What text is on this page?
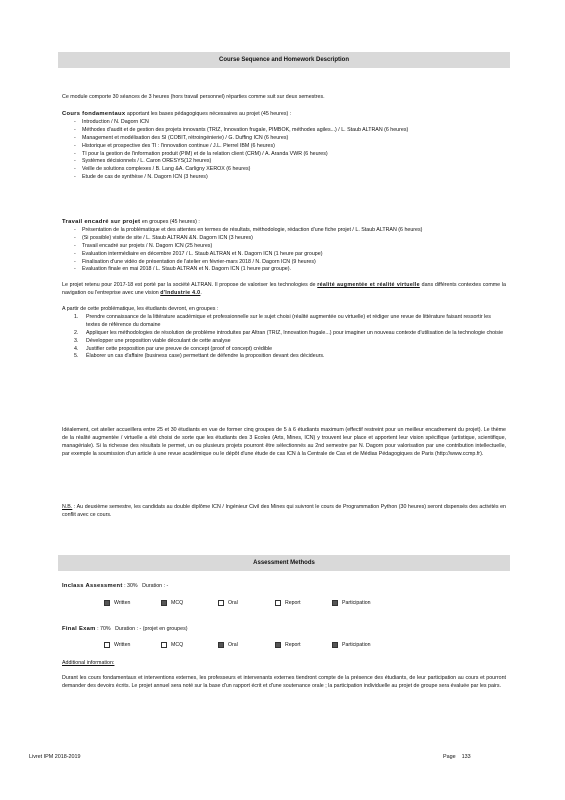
Course Sequence and Homework Description
Ce module comporte 30 séances de 3 heures (hors travail personnel) réparties comme suit sur deux semestres.
Cours fondamentaux apportant les bases pédagogiques nécessaires au projet (45 heures) :
- Introduction / N. Dagorn ICN
- Méthodes d'audit et de gestion des projets innovants (TRIZ, Innovation frugale, PIMBOK, méthodes agiles...) / L. Staub ALTRAN (6 heures)
- Management et modélisation des SI (COBIT, rétroingénierie) / G. Duffing ICN (6 heures)
- Historique et prospective des TI : l'innovation continue / J.L. Pierrel IBM (6 heures)
- TI pour la gestion de l'information produit (PIM) et de la relation client (CRM) / A. Aranda VWR (6 heures)
- Systèmes décisionnels / L. Caron ORESYS(12 heures)
- Veille de solutions complexes / B. Lang &A. Carligny XEROX (6 heures)
- Etude de cas de synthèse / N. Dagorn ICN (3 heures)
Travail encadré sur projet en groupes (45 heures) :
- Présentation de la problématique et des attentes en termes de résultats, méthodologie, rédaction d'une fiche projet / L. Staub ALTRAN (6 heures)
- (Si possible) visite de site / L. Staub ALTRAN &N. Dagorn ICN (3 heures)
- Travail encadré sur projets / N. Dagorn ICN (25 heures)
- Evaluation intermédiaire en décembre 2017 / L. Staub ALTRAN et N. Dagorn ICN (1 heure par groupe)
- Finalisation d'une vidéo de présentation de l'atelier en février-mars 2018 / N. Dagorn ICN (9 heures)
- Evaluation finale en mai 2018 / L. Staub ALTRAN et N. Dagorn ICN (1 heure par groupe).
Le projet retenu pour 2017-18 est porté par la société ALTRAN. Il propose de valoriser les technologies de réalité augmentée et réalité virtuelle dans différents contextes comme la navigation ou l'entreprise avec une vision d'Industrie 4.0.
A partir de cette problématique, les étudiants devront, en groupes :
1. Prendre connaissance de la littérature académique et professionnelle sur le sujet choisi (réalité augmentée ou virtuelle) et rédiger une revue de littérature faisant ressortir les textes de référence du domaine
2. Appliquer les méthodologies de résolution de problème introduites par Altran (TRIZ, Innovation frugale...) pour imaginer un nouveau contexte d'utilisation de la technologie choisie
3. Développer une proposition viable découlant de cette analyse
4. Justifier cette proposition par une preuve de concept (proof of concept) crédible
5. Élaborer un cas d'affaire (business case) permettant de défendre la proposition devant des décideurs.
Idéalement, cet atelier accueillera entre 25 et 30 étudiants en vue de former cinq groupes de 5 à 6 étudiants maximum (effectif restreint pour un meilleur encadrement du projet). Le thème de la réalité augmentée / virtuelle a été choisi de sorte que les étudiants des 3 Ecoles (Arts, Mines, ICN) y trouvent leur place et apportent leur vision spécifique (artistique, scientifique, managériale). Si la richesse des résultats le permet, un ou plusieurs projets pourront être sélectionnés au 2nd semestre par N. Dagorn pour valorisation par une contribution intellectuelle, par exemple la soumission d'un article à une revue académique ou le dépôt d'une étude de cas ICN à la Centrale de Cas et de Médias Pédagogiques de Paris (http://www.ccmp.fr).
N.B. : Au deuxième semestre, les candidats au double diplôme ICN / Ingénieur Civil des Mines qui suivront le cours de Programmation Python (30 heures) seront dispensés des activités en conflit avec ce cours.
Assessment Methods
Inclass Assessment : 30% Duration : -
Written	MCQ	Oral	Report	Participation
Final Exam : 70% Duration : - (projet en groupes)
Written	MCQ	Oral	Report	Participation
Additional information:
Durant les cours fondamentaux et interventions externes, les professeurs et intervenants externes tiendront compte de la présence des étudiants, de leur participation au cours et pourront demander des devoirs écrits. Le projet annuel sera noté sur la base d'un rapport écrit et d'une soutenance orale ; la participation individuelle au projet de groupe sera évaluée par les pairs.
Livret IPM 2018-2019	Page 133
